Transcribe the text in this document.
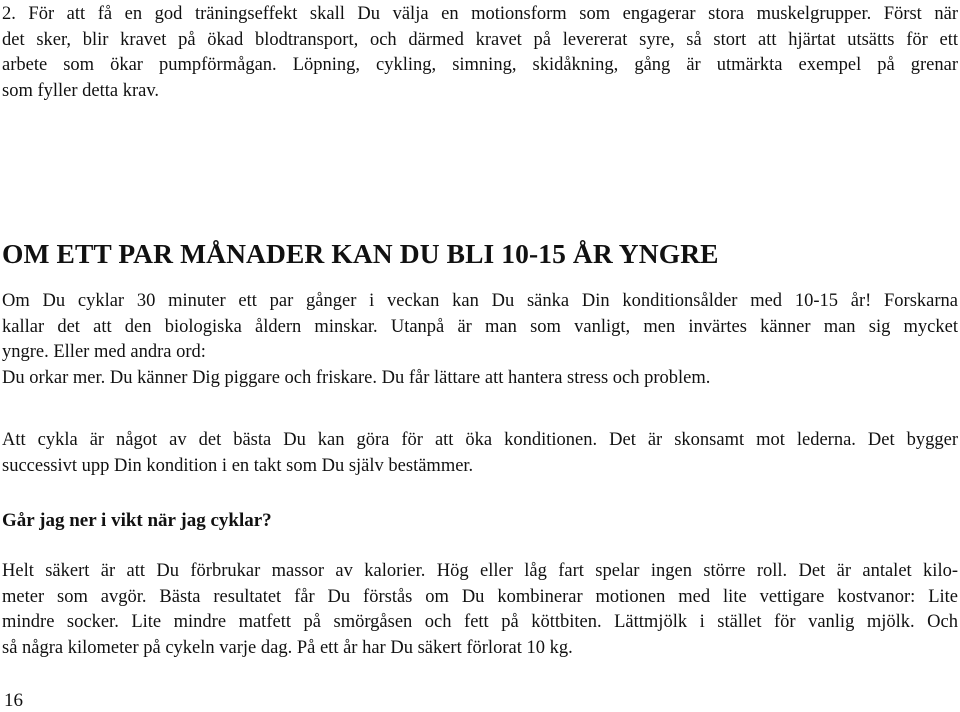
2. För att få en god träningseffekt skall Du välja en motionsform som engagerar stora muskelgrupper. Först när
det sker, blir kravet på ökad blodtransport, och därmed kravet på levererat syre, så stort att hjärtat utsätts för ett
arbete som ökar pumpförmågan. Löpning, cykling, simning, skidåkning, gång är utmärkta exempel på grenar
som fyller detta krav.
OM ETT PAR MÅNADER KAN DU BLI 10-15 ÅR YNGRE
Om Du cyklar 30 minuter ett par gånger i veckan kan Du sänka Din konditionsålder med 10-15 år! Forskarna
kallar det att den biologiska åldern minskar. Utanpå är man som vanligt, men invärtes känner man sig mycket
yngre. Eller med andra ord:
Du orkar mer. Du känner Dig piggare och friskare. Du får lättare att hantera stress och problem.
Att cykla är något av det bästa Du kan göra för att öka konditionen. Det är skonsamt mot lederna. Det bygger
successivt upp Din kondition i en takt som Du själv bestämmer.
Går jag ner i vikt när jag cyklar?
Helt säkert är att Du förbrukar massor av kalorier. Hög eller låg fart spelar ingen större roll. Det är antalet kilo-
meter som avgör. Bästa resultatet får Du förstås om Du kombinerar motionen med lite vettigare kostvanor: Lite
mindre socker. Lite mindre matfett på smörgåsen och fett på köttbiten. Lättmjölk i stället för vanlig mjölk. Och
så några kilometer på cykeln varje dag. På ett år har Du säkert förlorat 10 kg.
16
